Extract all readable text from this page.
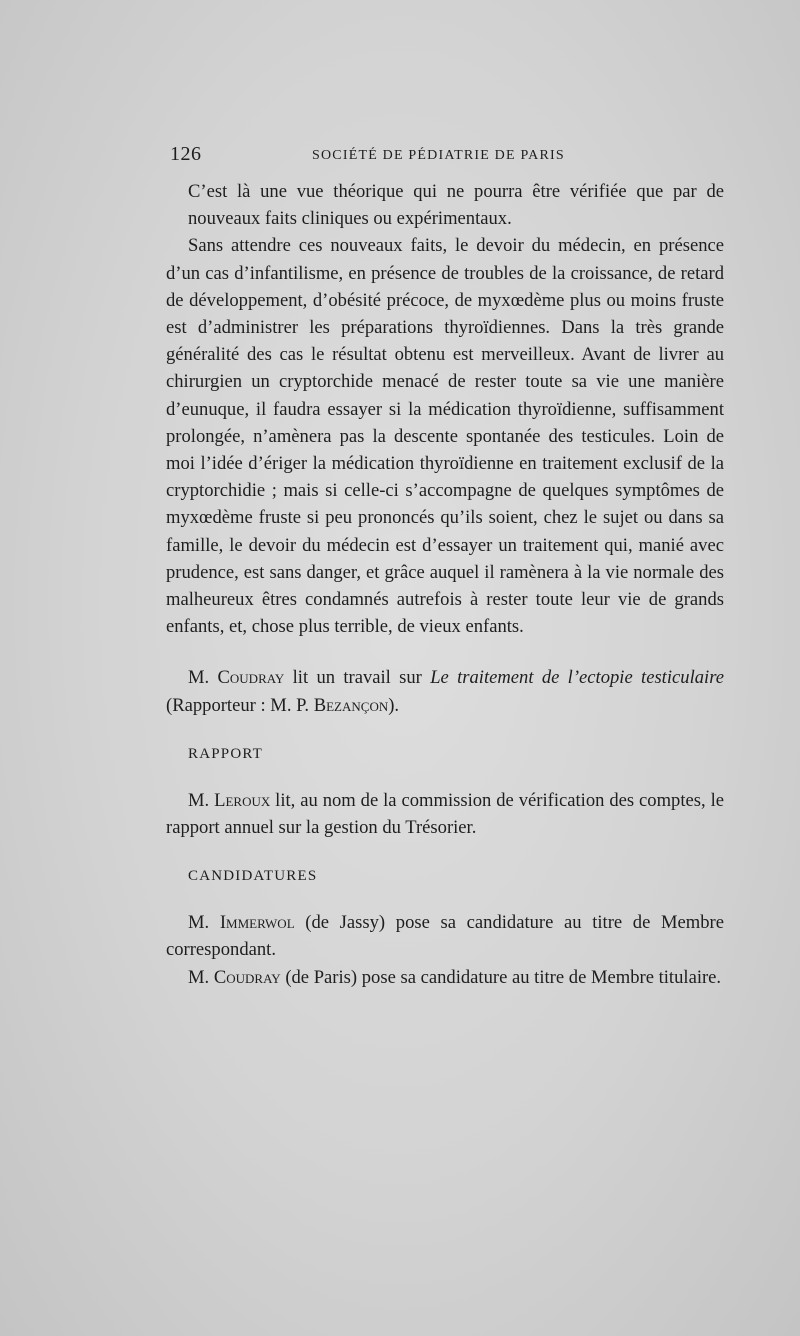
126	SOCIÉTÉ DE PÉDIATRIE DE PARIS

C’est là une vue théorique qui ne pourra être vérifiée que par de nouveaux faits cliniques ou expérimentaux.

Sans attendre ces nouveaux faits, le devoir du médecin, en présence d’un cas d’infantilisme, en présence de troubles de la croissance, de retard de développement, d’obésité précoce, de myxœdème plus ou moins fruste est d’administrer les préparations thyroïdiennes. Dans la très grande généralité des cas le résultat obtenu est merveilleux. Avant de livrer au chirurgien un cryptorchide menacé de rester toute sa vie une manière d’eunuque, il faudra essayer si la médication thyroïdienne, suffisamment prolongée, n’amènera pas la descente spontanée des testicules. Loin de moi l’idée d’ériger la médication thyroïdienne en traitement exclusif de la cryptorchidie ; mais si celle-ci s’accompagne de quelques symptômes de myxœdème fruste si peu prononcés qu’ils soient, chez le sujet ou dans sa famille, le devoir du médecin est d’essayer un traitement qui, manié avec prudence, est sans danger, et grâce auquel il ramènera à la vie normale des malheureux êtres condamnés autrefois à rester toute leur vie de grands enfants, et, chose plus terrible, de vieux enfants.

M. Coudray lit un travail sur Le traitement de l’ectopie testiculaire (Rapporteur : M. P. Bezançon).

RAPPORT

M. Leroux lit, au nom de la commission de vérification des comptes, le rapport annuel sur la gestion du Trésorier.

CANDIDATURES

M. Immerwol (de Jassy) pose sa candidature au titre de Membre correspondant.

M. Coudray (de Paris) pose sa candidature au titre de Membre titulaire.
